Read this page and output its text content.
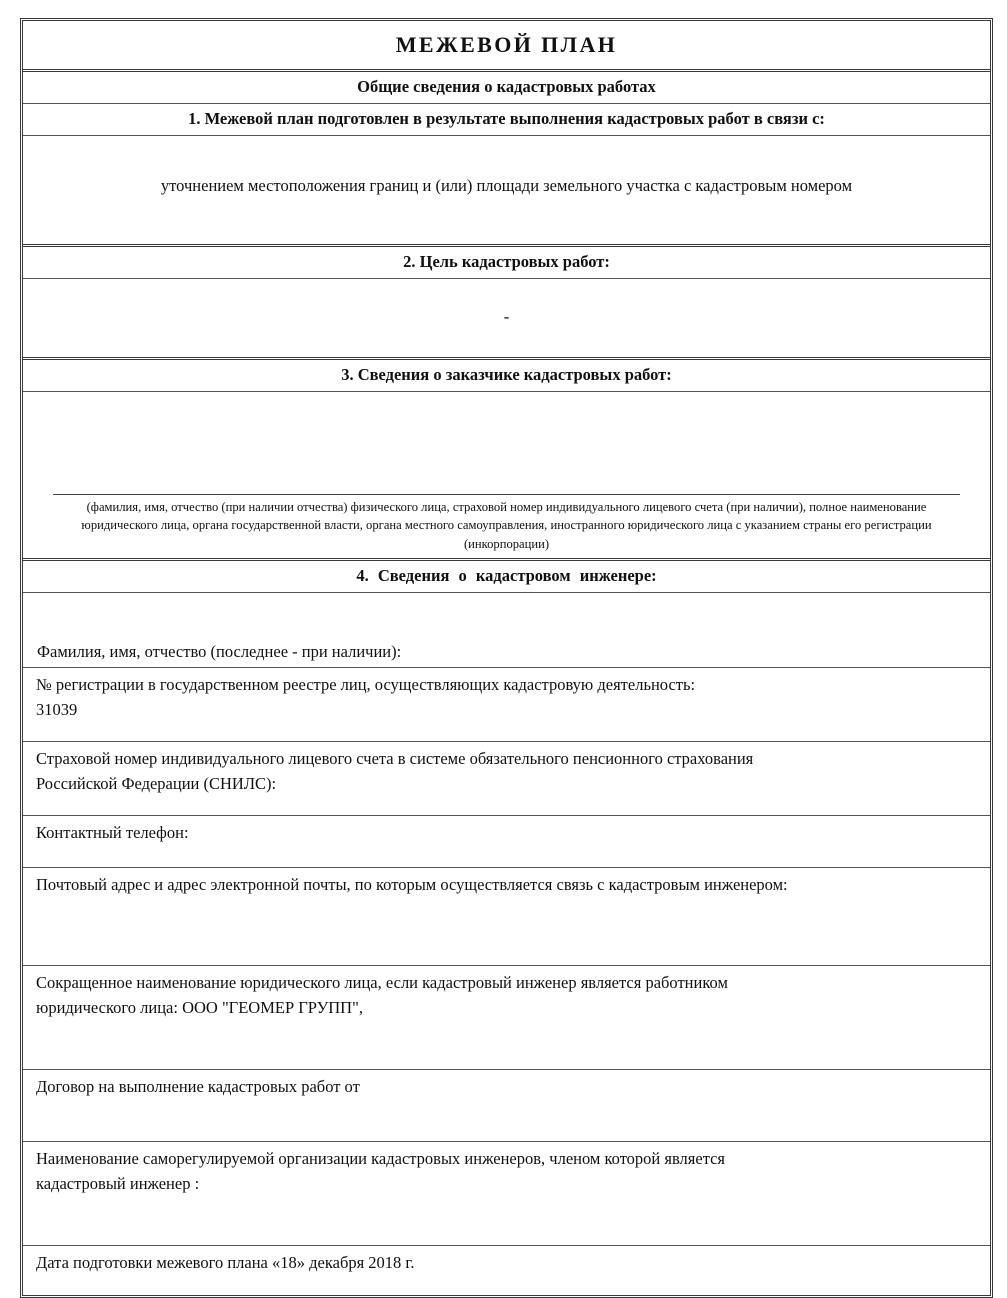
МЕЖЕВОЙ ПЛАН

Общие сведения о кадастровых работах

1. Межевой план подготовлен в результате выполнения кадастровых работ в связи с:

уточнением местоположения границ и (или) площади земельного участка с кадастровым номером

2. Цель кадастровых работ:

-

3. Сведения о заказчике кадастровых работ:

(фамилия, имя, отчество (при наличии отчества) физического лица, страховой номер индивидуального лицевого счета (при наличии), полное наименование юридического лица, органа государственной власти, органа местного самоуправления, иностранного юридического лица с указанием страны его регистрации (инкорпорации)

4. Сведения о кадастровом инженере:

Фамилия, имя, отчество (последнее - при наличии):

№ регистрации в государственном реестре лиц, осуществляющих кадастровую деятельность:
31039

Страховой номер индивидуального лицевого счета в системе обязательного пенсионного страхования
Российской Федерации (СНИЛС):

Контактный телефон:

Почтовый адрес и адрес электронной почты, по которым осуществляется связь с кадастровым инженером:

Сокращенное наименование юридического лица, если кадастровый инженер является работником
юридического лица: ООО "ГЕОМЕР ГРУПП",

Договор на выполнение кадастровых работ от

Наименование саморегулируемой организации кадастровых инженеров, членом которой является
кадастровый инженер :

Дата подготовки межевого плана «18» декабря 2018 г.
